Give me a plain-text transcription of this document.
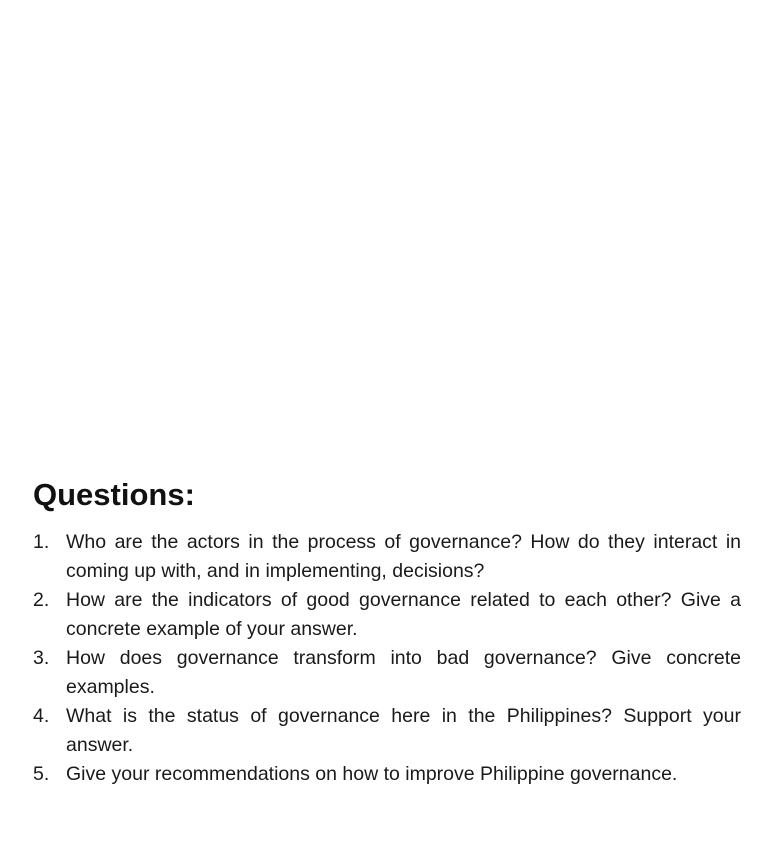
Questions:
1. Who are the actors in the process of governance? How do they interact in coming up with, and in implementing, decisions?
2. How are the indicators of good governance related to each other? Give a concrete example of your answer.
3. How does governance transform into bad governance? Give concrete examples.
4. What is the status of governance here in the Philippines? Support your answer.
5. Give your recommendations on how to improve Philippine governance.
